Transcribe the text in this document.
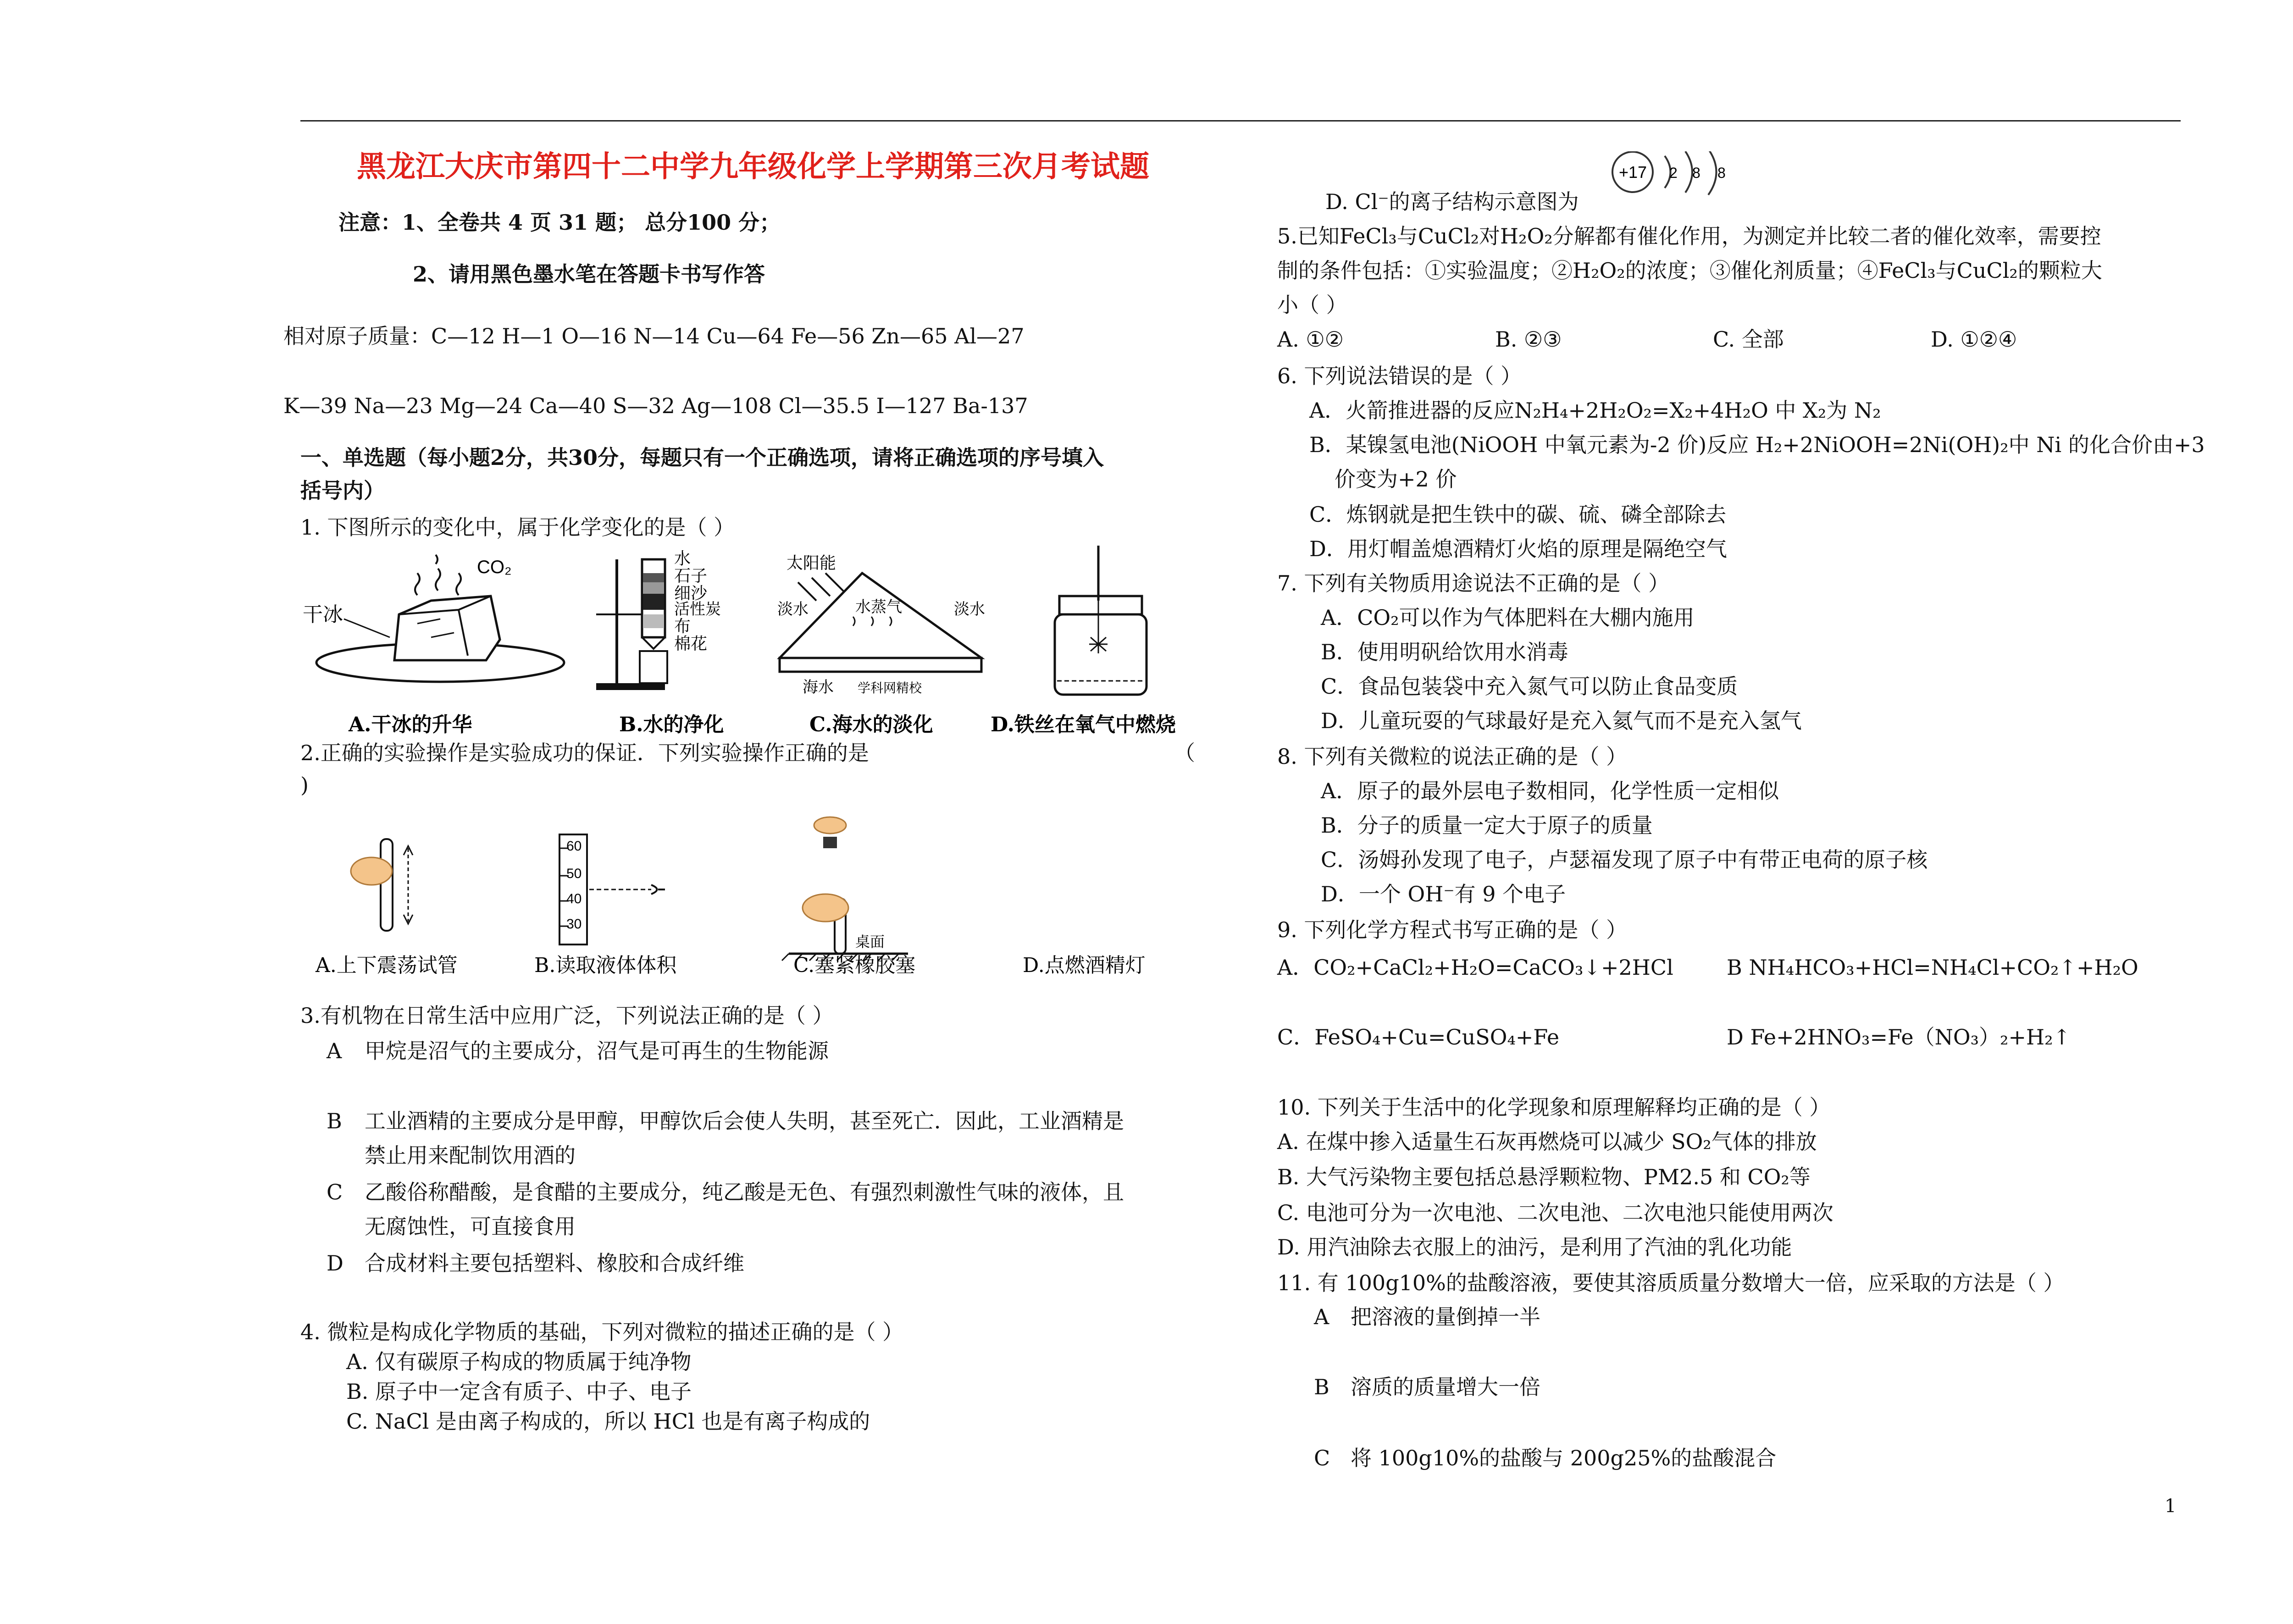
黑龙江大庆市第四十二中学九年级化学上学期第三次月考试题
注意：1、全卷共 4 页 31 题； 总分100 分；
2、请用黑色墨水笔在答题卡书写作答
相对原子质量：C—12 H—1 O—16 N—14 Cu—64 Fe—56 Zn—65 Al—27
K—39 Na—23 Mg—24 Ca—40 S—32 Ag—108 Cl—35.5 I—127 Ba-137
一、单选题（每小题2分，共30分，每题只有一个正确选项，请将正确选项的序号填入
括号内）
1. 下图所示的变化中，属于化学变化的是（ ）
CO₂
干冰
水
石子
细沙
活性炭
布
棉花
太阳能
水蒸气
淡水	淡水
海水 学科网精校
A.干冰的升华	B.水的净化	C.海水的淡化	D.铁丝在氧气中燃烧
2.正确的实验操作是实验成功的保证．下列实验操作正确的是	（
)
60
50
40
30
桌面
A.上下震荡试管	B.读取液体体积	C.塞紧橡胶塞	D.点燃酒精灯
3.有机物在日常生活中应用广泛，下列说法正确的是（ ）
A 甲烷是沼气的主要成分，沼气是可再生的生物能源
B 工业酒精的主要成分是甲醇，甲醇饮后会使人失明，甚至死亡．因此，工业酒精是
禁止用来配制饮用酒的
C 乙酸俗称醋酸，是食醋的主要成分，纯乙酸是无色、有强烈刺激性气味的液体，且
无腐蚀性，可直接食用
D 合成材料主要包括塑料、橡胶和合成纤维
4. 微粒是构成化学物质的基础，下列对微粒的描述正确的是（ ）
A. 仅有碳原子构成的物质属于纯净物
B. 原子中一定含有质子、中子、电子
C. NaCl 是由离子构成的，所以 HCl 也是有离子构成的
D. Cl⁻的离子结构示意图为
+17 2 8 8
5.已知FeCl₃与CuCl₂对H₂O₂分解都有催化作用，为测定并比较二者的催化效率，需要控
制的条件包括：①实验温度；②H₂O₂的浓度；③催化剂质量；④FeCl₃与CuCl₂的颗粒大
小（ ）
A. ①②	B. ②③	C. 全部	D. ①②④
6. 下列说法错误的是（ ）
A．火箭推进器的反应N₂H₄+2H₂O₂=X₂+4H₂O 中 X₂为 N₂
B．某镍氢电池(NiOOH 中氧元素为-2 价)反应 H₂+2NiOOH=2Ni(OH)₂中 Ni 的化合价由+3
价变为+2 价
C．炼钢就是把生铁中的碳、硫、磷全部除去
D．用灯帽盖熄酒精灯火焰的原理是隔绝空气
7. 下列有关物质用途说法不正确的是（ ）
A．CO₂可以作为气体肥料在大棚内施用
B．使用明矾给饮用水消毒
C．食品包装袋中充入氮气可以防止食品变质
D．儿童玩耍的气球最好是充入氦气而不是充入氢气
8. 下列有关微粒的说法正确的是（ ）
A．原子的最外层电子数相同，化学性质一定相似
B．分子的质量一定大于原子的质量
C．汤姆孙发现了电子，卢瑟福发现了原子中有带正电荷的原子核
D．一个 OH⁻有 9 个电子
9. 下列化学方程式书写正确的是（ ）
A．CO₂+CaCl₂+H₂O=CaCO₃↓+2HCl	B NH₄HCO₃+HCl=NH₄Cl+CO₂↑+H₂O
C．FeSO₄+Cu=CuSO₄+Fe	D Fe+2HNO₃=Fe（NO₃）₂+H₂↑
10. 下列关于生活中的化学现象和原理解释均正确的是（ ）
A. 在煤中掺入适量生石灰再燃烧可以减少 SO₂气体的排放
B. 大气污染物主要包括总悬浮颗粒物、PM2.5 和 CO₂等
C. 电池可分为一次电池、二次电池、二次电池只能使用两次
D. 用汽油除去衣服上的油污，是利用了汽油的乳化功能
11. 有 100g10%的盐酸溶液，要使其溶质质量分数增大一倍，应采取的方法是（ ）
A 把溶液的量倒掉一半
B 溶质的质量增大一倍
C 将 100g10%的盐酸与 200g25%的盐酸混合
1
